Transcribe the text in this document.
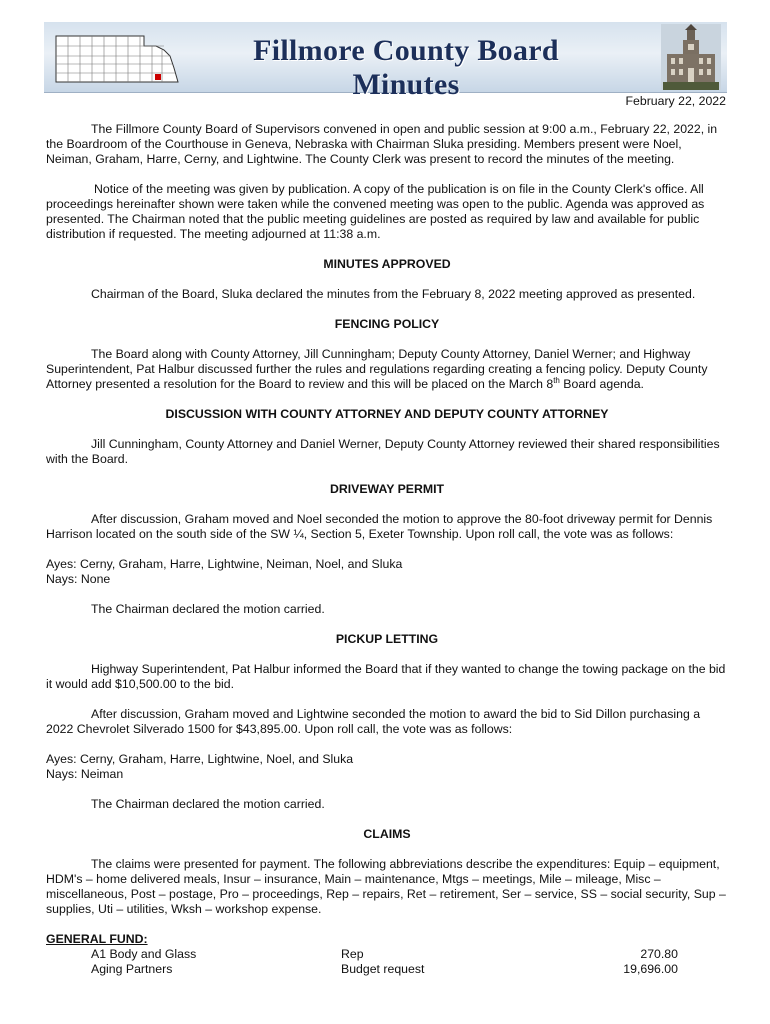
Fillmore County Board Minutes	February 22, 2022

The Fillmore County Board of Supervisors convened in open and public session at 9:00 a.m., February 22, 2022, in the Boardroom of the Courthouse in Geneva, Nebraska with Chairman Sluka presiding. Members present were Noel, Neiman, Graham, Harre, Cerny, and Lightwine. The County Clerk was present to record the minutes of the meeting.

Notice of the meeting was given by publication. A copy of the publication is on file in the County Clerk's office. All proceedings hereinafter shown were taken while the convened meeting was open to the public. Agenda was approved as presented. The Chairman noted that the public meeting guidelines are posted as required by law and available for public distribution if requested. The meeting adjourned at 11:38 a.m.

MINUTES APPROVED

Chairman of the Board, Sluka declared the minutes from the February 8, 2022 meeting approved as presented.

FENCING POLICY

The Board along with County Attorney, Jill Cunningham; Deputy County Attorney, Daniel Werner; and Highway Superintendent, Pat Halbur discussed further the rules and regulations regarding creating a fencing policy. Deputy County Attorney presented a resolution for the Board to review and this will be placed on the March 8th Board agenda.

DISCUSSION WITH COUNTY ATTORNEY AND DEPUTY COUNTY ATTORNEY

Jill Cunningham, County Attorney and Daniel Werner, Deputy County Attorney reviewed their shared responsibilities with the Board.

DRIVEWAY PERMIT

After discussion, Graham moved and Noel seconded the motion to approve the 80-foot driveway permit for Dennis Harrison located on the south side of the SW ¼, Section 5, Exeter Township. Upon roll call, the vote was as follows:

Ayes: Cerny, Graham, Harre, Lightwine, Neiman, Noel, and Sluka

Nays: None

The Chairman declared the motion carried.

PICKUP LETTING

Highway Superintendent, Pat Halbur informed the Board that if they wanted to change the towing package on the bid it would add $10,500.00 to the bid.

After discussion, Graham moved and Lightwine seconded the motion to award the bid to Sid Dillon purchasing a 2022 Chevrolet Silverado 1500 for $43,895.00. Upon roll call, the vote was as follows:

Ayes: Cerny, Graham, Harre, Lightwine, Noel, and Sluka

Nays: Neiman

The Chairman declared the motion carried.

CLAIMS

The claims were presented for payment. The following abbreviations describe the expenditures: Equip – equipment, HDM's – home delivered meals, Insur – insurance, Main – maintenance, Mtgs – meetings, Mile – mileage, Misc – miscellaneous, Post – postage, Pro – proceedings, Rep – repairs, Ret – retirement, Ser – service, SS – social security, Sup – supplies, Uti – utilities, Wksh – workshop expense.

GENERAL FUND:

A1 Body and Glass	Rep	270.80	
Aging Partners	Budget request	19,696.00	
